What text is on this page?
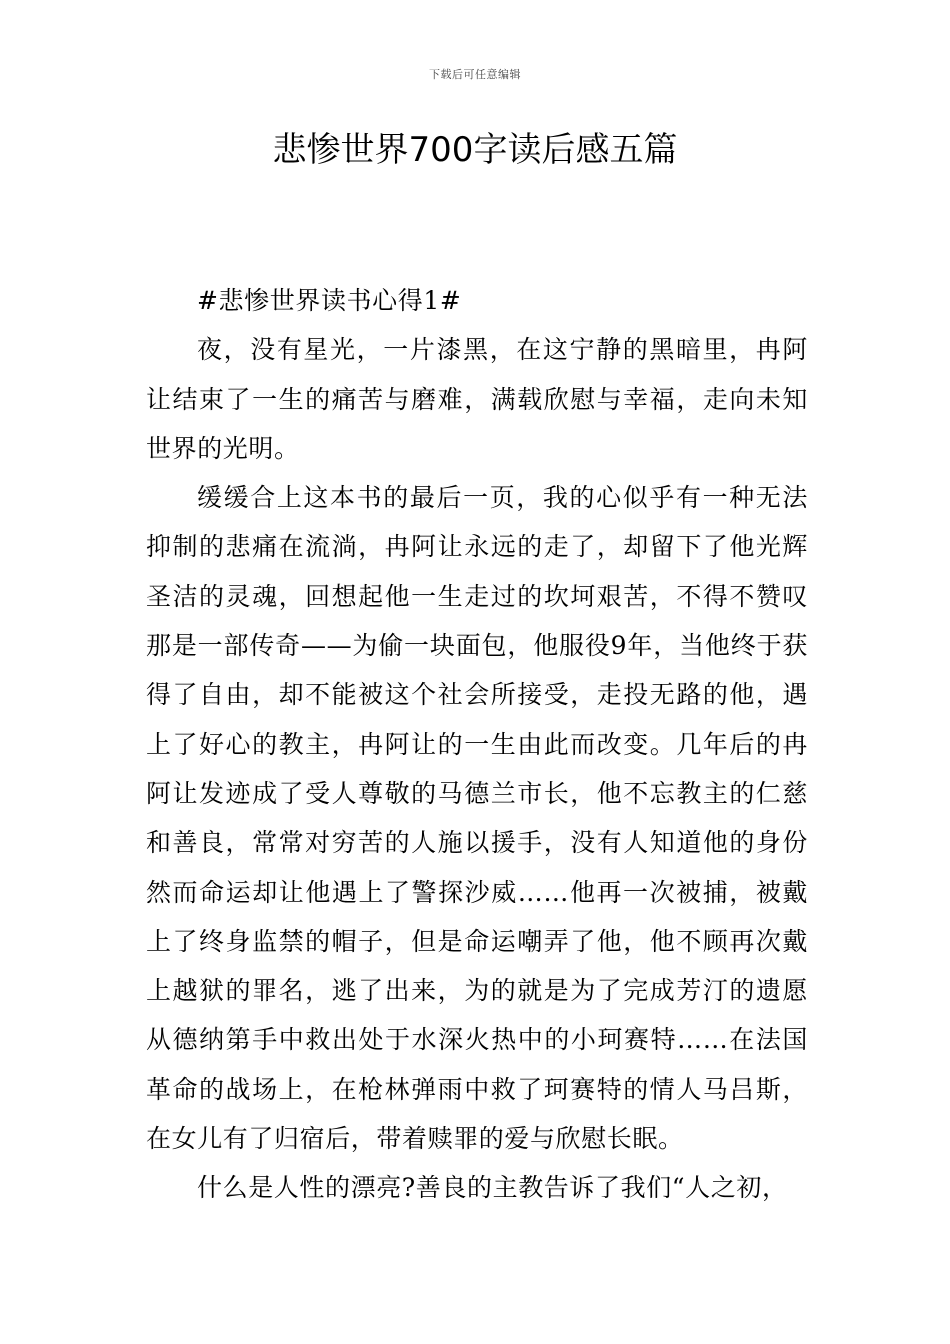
下载后可任意编辑
悲惨世界700字读后感五篇

#悲惨世界读书心得1#

夜，没有星光，一片漆黑，在这宁静的黑暗里，冉阿让结束了一生的痛苦与磨难，满载欣慰与幸福，走向未知世界的光明。

缓缓合上这本书的最后一页，我的心似乎有一种无法抑制的悲痛在流淌，冉阿让永远的走了，却留下了他光辉圣洁的灵魂，回想起他一生走过的坎坷艰苦，不得不赞叹那是一部传奇——为偷一块面包，他服役9年，当他终于获得了自由，却不能被这个社会所接受，走投无路的他，遇上了好心的教主，冉阿让的一生由此而改变。几年后的冉阿让发迹成了受人尊敬的马德兰市长，他不忘教主的仁慈和善良，常常对穷苦的人施以援手，没有人知道他的身份然而命运却让他遇上了警探沙威……他再一次被捕，被戴上了终身监禁的帽子，但是命运嘲弄了他，他不顾再次戴上越狱的罪名，逃了出来，为的就是为了完成芳汀的遗愿从德纳第手中救出处于水深火热中的小珂赛特……在法国革命的战场上，在枪林弹雨中救了珂赛特的情人马吕斯，在女儿有了归宿后，带着赎罪的爱与欣慰长眠。

什么是人性的漂亮?善良的主教告诉了我们“人之初，
